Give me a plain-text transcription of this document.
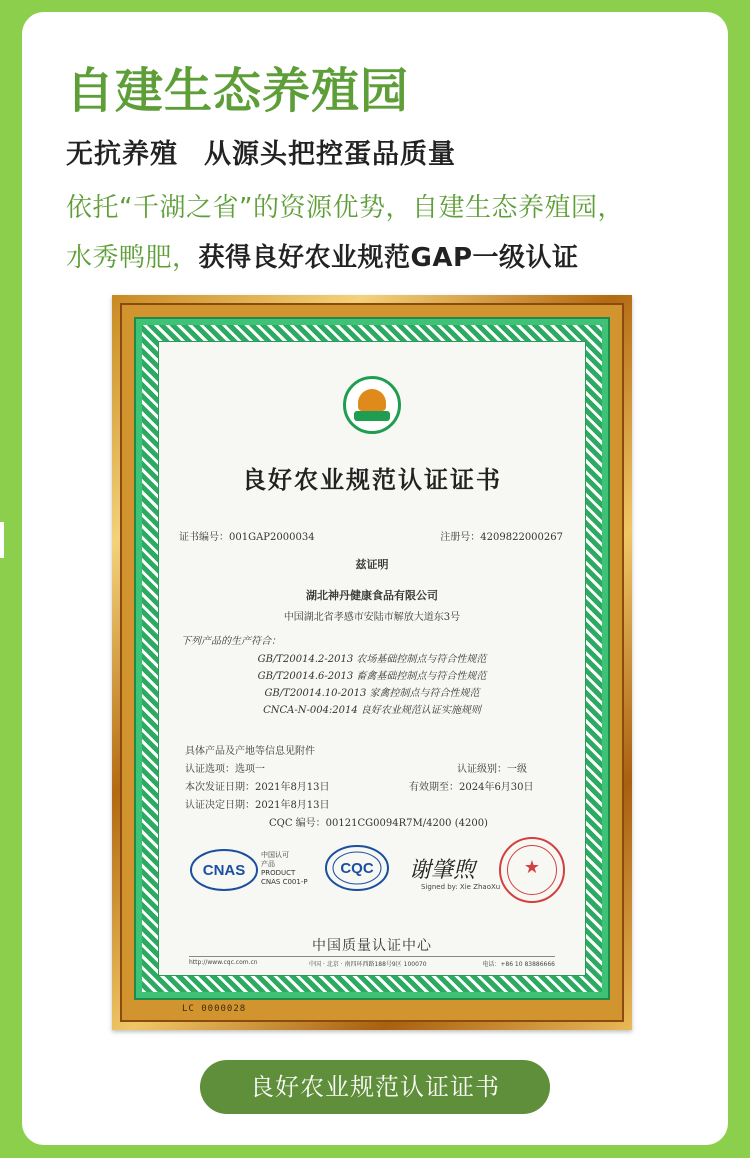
自建生态养殖园
无抗养殖 从源头把控蛋品质量
依托“千湖之省”的资源优势，自建生态养殖园，
水秀鸭肥，获得良好农业规范GAP一级认证
良好农业规范认证证书
证书编号：001GAP2000034	注册号：4209822000267
兹证明
湖北神丹健康食品有限公司
中国湖北省孝感市安陆市解放大道东3号
下列产品的生产符合：
GB/T20014.2-2013 农场基础控制点与符合性规范
GB/T20014.6-2013 畜禽基础控制点与符合性规范
GB/T20014.10-2013 家禽控制点与符合性规范
CNCA-N-004:2014 良好农业规范认证实施规则
具体产品及产地等信息见附件
认证选项：选项一	认证级别：一级
本次发证日期：2021年8月13日	有效期至：2024年6月30日
认证决定日期：2021年8月13日
CQC 编号：00121CG0094R7M/4200 (4200)
CNAS
中国认可
产品
PRODUCT
CNAS C001-P
CQC 谢肇煦
Signed by: Xie ZhaoXu
★
中国质量认证中心
http://www.cqc.com.cn	中国 · 北京 · 南四环西路188号9区 100070	电话：+86 10 83886666
LC 0000028
良好农业规范认证证书
